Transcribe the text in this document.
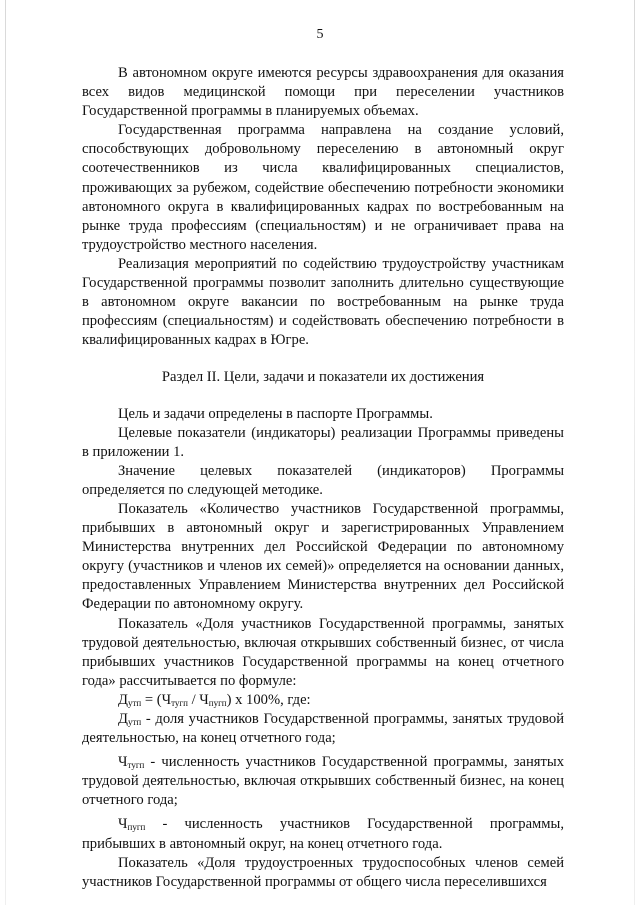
5

В автономном округе имеются ресурсы здравоохранения для оказания всех видов медицинской помощи при переселении участников Государственной программы в планируемых объемах.

Государственная программа направлена на создание условий, способствующих добровольному переселению в автономный округ соотечественников из числа квалифицированных специалистов, проживающих за рубежом, содействие обеспечению потребности экономики автономного округа в квалифицированных кадрах по востребованным на рынке труда профессиям (специальностям) и не ограничивает права на трудоустройство местного населения.

Реализация мероприятий по содействию трудоустройству участникам Государственной программы позволит заполнить длительно существующие в автономном округе вакансии по востребованным на рынке труда профессиям (специальностям) и содействовать обеспечению потребности в квалифицированных кадрах в Югре.

Раздел II. Цели, задачи и показатели их достижения

Цель и задачи определены в паспорте Программы.

Целевые показатели (индикаторы) реализации Программы приведены в приложении 1.

Значение целевых показателей (индикаторов) Программы определяется по следующей методике.

Показатель «Количество участников Государственной программы, прибывших в автономный округ и зарегистрированных Управлением Министерства внутренних дел Российской Федерации по автономному округу (участников и членов их семей)» определяется на основании данных, предоставленных Управлением Министерства внутренних дел Российской Федерации по автономному округу.

Показатель «Доля участников Государственной программы, занятых трудовой деятельностью, включая открывших собственный бизнес, от числа прибывших участников Государственной программы на конец отчетного года» рассчитывается по формуле:

$Д_{утп} = (Ч_{тугп} / Ч_{пугп})$ x 100%, где:

$Д_{утп}$ - доля участников Государственной программы, занятых трудовой деятельностью, на конец отчетного года;

$Ч_{тугп}$ - численность участников Государственной программы, занятых трудовой деятельностью, включая открывших собственный бизнес, на конец отчетного года;

$Ч_{пугп}$ - численность участников Государственной программы, прибывших в автономный округ, на конец отчетного года.

Показатель «Доля трудоустроенных трудоспособных членов семей участников Государственной программы от общего числа переселившихся
